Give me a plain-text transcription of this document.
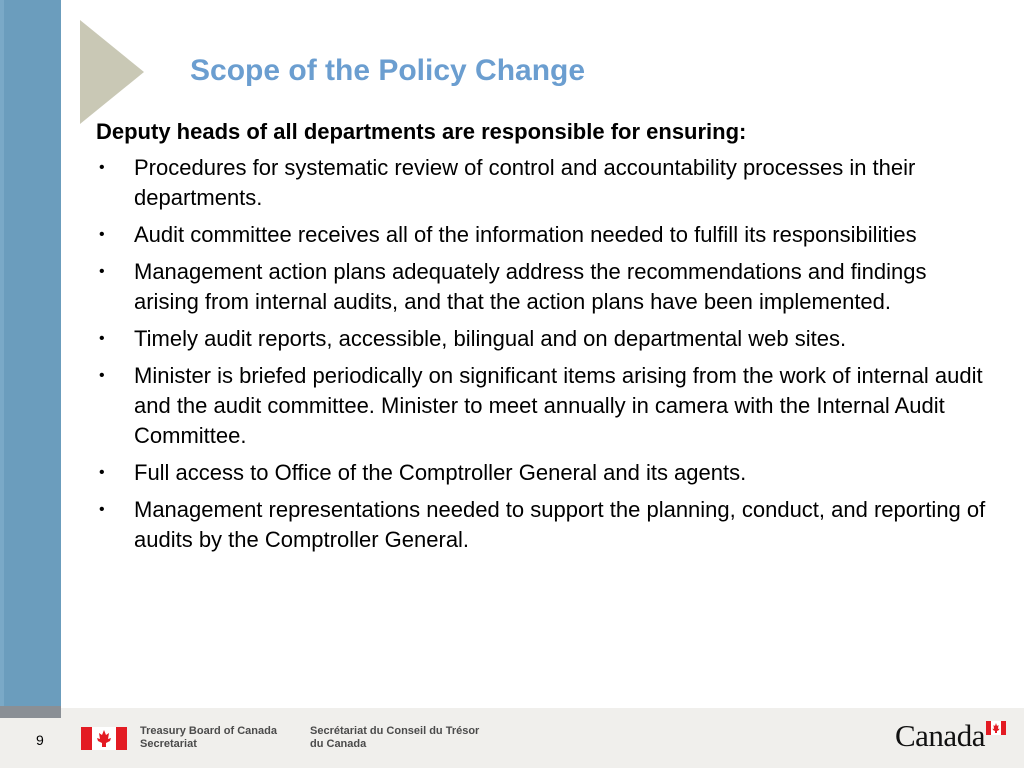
Scope of the Policy Change

Deputy heads of all departments are responsible for ensuring:

• Procedures for systematic review of control and accountability processes in their departments.
• Audit committee receives all of the information needed to fulfill its responsibilities
• Management action plans adequately address the recommendations and findings arising from internal audits, and that the action plans have been implemented.
• Timely audit reports, accessible, bilingual and on departmental web sites.
• Minister is briefed periodically on significant items arising from the work of internal audit and the audit committee. Minister to meet annually in camera with the Internal Audit Committee.
• Full access to Office of the Comptroller General and its agents.
• Management representations needed to support the planning, conduct, and reporting of audits by the Comptroller General.
9
Treasury Board of Canada
Secretariat
Secrétariat du Conseil du Trésor
du Canada	Canada
